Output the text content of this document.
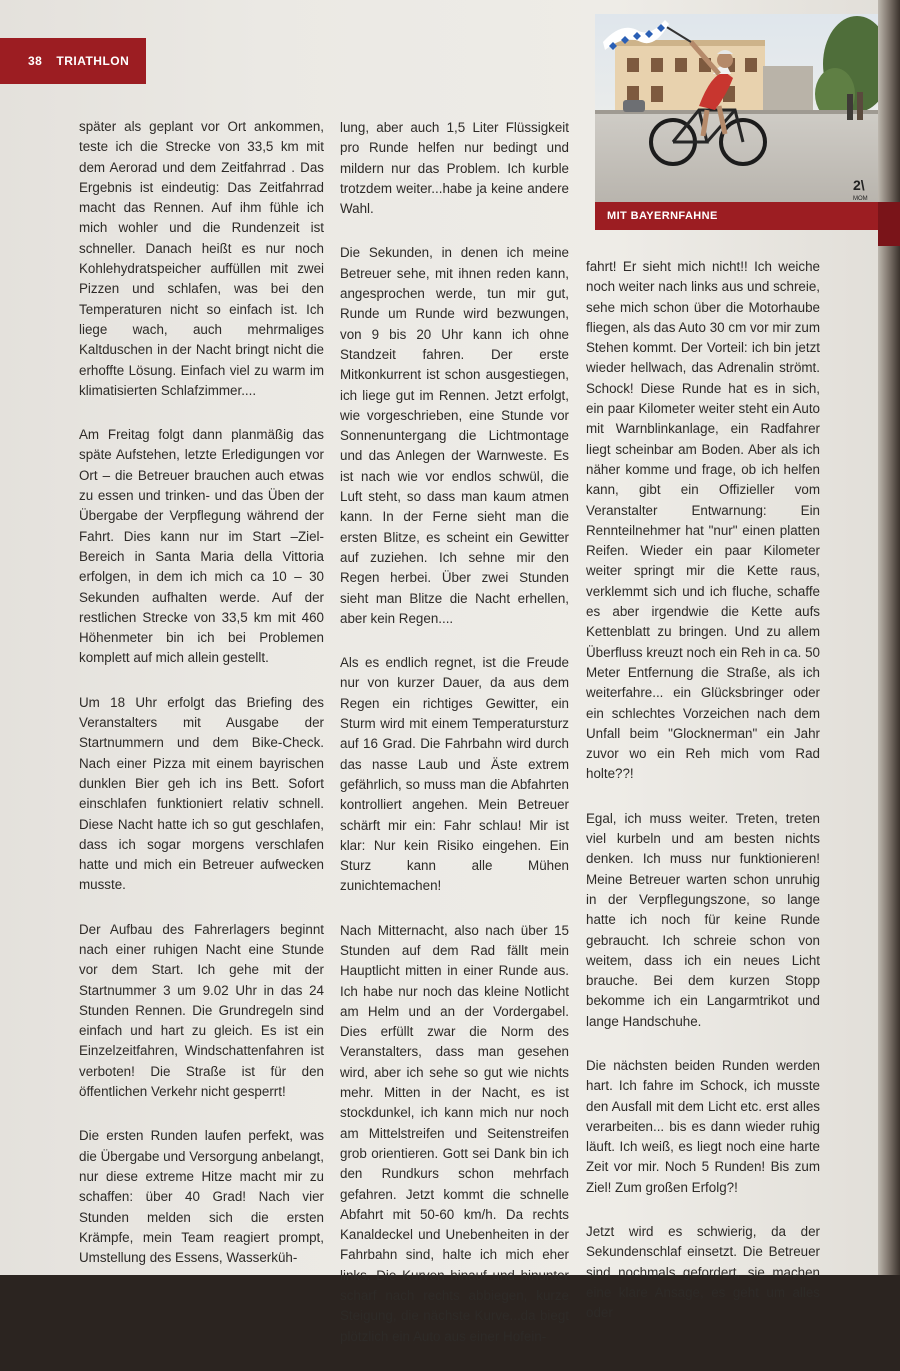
38 TRIATHLON

später als geplant vor Ort ankommen, teste ich die Strecke von 33,5 km mit dem Aerorad und dem Zeitfahrrad . Das Ergebnis ist eindeutig: Das Zeitfahrrad macht das Rennen. Auf ihm fühle ich mich wohler und die Rundenzeit ist schneller. Danach heißt es nur noch Kohlehydratspeicher auffüllen mit zwei Pizzen und schlafen, was bei den Temperaturen nicht so einfach ist. Ich liege wach, auch mehrmaliges Kaltduschen in der Nacht bringt nicht die erhoffte Lösung. Einfach viel zu warm im klimatisierten Schlafzimmer....

Am Freitag folgt dann planmäßig das späte Aufstehen, letzte Erledigungen vor Ort – die Betreuer brauchen auch etwas zu essen und trinken- und das Üben der Übergabe der Verpflegung während der Fahrt. Dies kann nur im Start –Ziel-Bereich in Santa Maria della Vittoria erfolgen, in dem ich mich ca 10 – 30 Sekunden aufhalten werde. Auf der restlichen Strecke von 33,5 km mit 460 Höhenmeter bin ich bei Problemen komplett auf mich allein gestellt.

Um 18 Uhr erfolgt das Briefing des Veranstalters mit Ausgabe der Startnummern und dem Bike-Check. Nach einer Pizza mit einem bayrischen dunklen Bier geh ich ins Bett. Sofort einschlafen funktioniert relativ schnell. Diese Nacht hatte ich so gut geschlafen, dass ich sogar morgens verschlafen hatte und mich ein Betreuer aufwecken musste.

Der Aufbau des Fahrerlagers beginnt nach einer ruhigen Nacht eine Stunde vor dem Start. Ich gehe mit der Startnummer 3 um 9.02 Uhr in das 24 Stunden Rennen. Die Grundregeln sind einfach und hart zu gleich. Es ist ein Einzelzeitfahren, Windschattenfahren ist verboten! Die Straße ist für den öffentlichen Verkehr nicht gesperrt!

Die ersten Runden laufen perfekt, was die Übergabe und Versorgung anbelangt, nur diese extreme Hitze macht mir zu schaffen: über 40 Grad! Nach vier Stunden melden sich die ersten Krämpfe, mein Team reagiert prompt, Umstellung des Essens, Wasserküh-

lung, aber auch 1,5 Liter Flüssigkeit pro Runde helfen nur bedingt und mildern nur das Problem. Ich kurble trotzdem weiter...habe ja keine andere Wahl.

Die Sekunden, in denen ich meine Betreuer sehe, mit ihnen reden kann, angesprochen werde, tun mir gut, Runde um Runde wird bezwungen, von 9 bis 20 Uhr kann ich ohne Standzeit fahren. Der erste Mitkonkurrent ist schon ausgestiegen, ich liege gut im Rennen. Jetzt erfolgt, wie vorgeschrieben, eine Stunde vor Sonnenuntergang die Lichtmontage und das Anlegen der Warnweste. Es ist nach wie vor endlos schwül, die Luft steht, so dass man kaum atmen kann. In der Ferne sieht man die ersten Blitze, es scheint ein Gewitter auf zuziehen. Ich sehne mir den Regen herbei. Über zwei Stunden sieht man Blitze die Nacht erhellen, aber kein Regen....

Als es endlich regnet, ist die Freude nur von kurzer Dauer, da aus dem Regen ein richtiges Gewitter, ein Sturm wird mit einem Temperatursturz auf 16 Grad. Die Fahrbahn wird durch das nasse Laub und Äste extrem gefährlich, so muss man die Abfahrten kontrolliert angehen. Mein Betreuer schärft mir ein: Fahr schlau! Mir ist klar: Nur kein Risiko eingehen. Ein Sturz kann alle Mühen zunichtemachen!

Nach Mitternacht, also nach über 15 Stunden auf dem Rad fällt mein Hauptlicht mitten in einer Runde aus. Ich habe nur noch das kleine Notlicht am Helm und an der Vordergabel. Dies erfüllt zwar die Norm des Veranstalters, dass man gesehen wird, aber ich sehe so gut wie nichts mehr. Mitten in der Nacht, es ist stockdunkel, ich kann mich nur noch am Mittelstreifen und Seitenstreifen grob orientieren. Gott sei Dank bin ich den Rundkurs schon mehrfach gefahren. Jetzt kommt die schnelle Abfahrt mit 50-60 km/h. Da rechts Kanaldeckel und Unebenheiten in der Fahrbahn sind, halte ich mich eher links. Die Kurven hinauf und hinunter scharf nach rechts abbiegen, kurze Steigung, die nächste Kurve...da biegt plötzlich ein Auto aus einer Hofein-

fahrt! Er sieht mich nicht!! Ich weiche noch weiter nach links aus und schreie, sehe mich schon über die Motorhaube fliegen, als das Auto 30 cm vor mir zum Stehen kommt. Der Vorteil: ich bin jetzt wieder hellwach, das Adrenalin strömt. Schock! Diese Runde hat es in sich, ein paar Kilometer weiter steht ein Auto mit Warnblinkanlage, ein Radfahrer liegt scheinbar am Boden. Aber als ich näher komme und frage, ob ich helfen kann, gibt ein Offizieller vom Veranstalter Entwarnung: Ein Rennteilnehmer hat "nur" einen platten Reifen. Wieder ein paar Kilometer weiter springt mir die Kette raus, verklemmt sich und ich fluche, schaffe es aber irgendwie die Kette aufs Kettenblatt zu bringen. Und zu allem Überfluss kreuzt noch ein Reh in ca. 50 Meter Entfernung die Straße, als ich weiterfahre... ein Glücksbringer oder ein schlechtes Vorzeichen nach dem Unfall beim "Glocknerman" ein Jahr zuvor wo ein Reh mich vom Rad holte??!

Egal, ich muss weiter. Treten, treten viel kurbeln und am besten nichts denken. Ich muss nur funktionieren! Meine Betreuer warten schon unruhig in der Verpflegungszone, so lange hatte ich noch für keine Runde gebraucht. Ich schreie schon von weitem, dass ich ein neues Licht brauche. Bei dem kurzen Stopp bekomme ich ein Langarmtrikot und lange Handschuhe.

Die nächsten beiden Runden werden hart. Ich fahre im Schock, ich musste den Ausfall mit dem Licht etc. erst alles verarbeiten... bis es dann wieder ruhig läuft. Ich weiß, es liegt noch eine harte Zeit vor mir. Noch 5 Runden! Bis zum Ziel! Zum großen Erfolg?!

Jetzt wird es schwierig, da der Sekundenschlaf einsetzt. Die Betreuer sind nochmals gefordert, sie machen eine klare Ansage, es geht um alles oder

2\
MOM
MIT BAYERNFAHNE
